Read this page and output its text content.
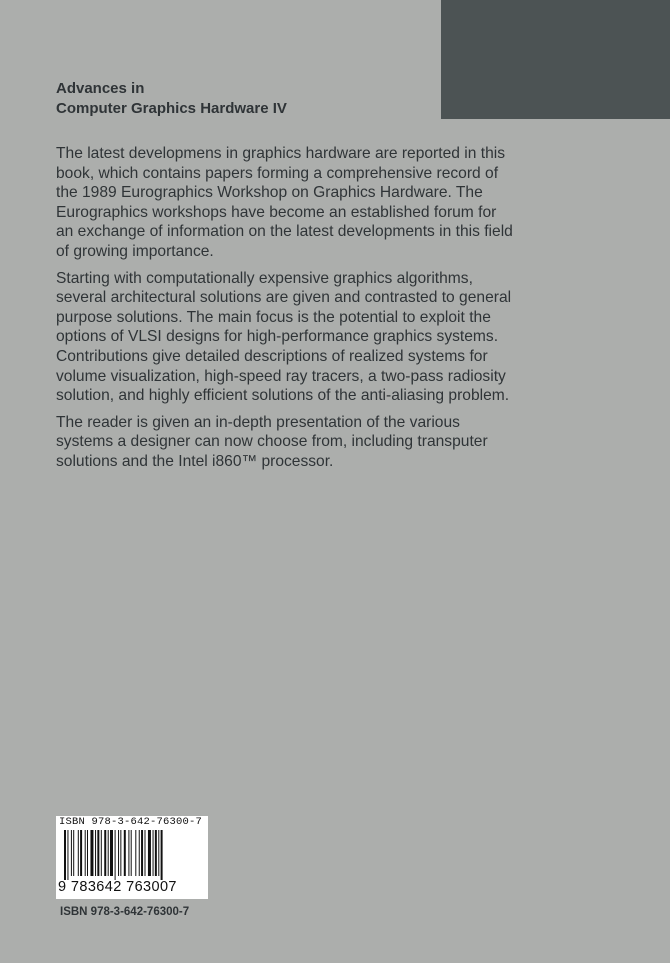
Advances in
Computer Graphics Hardware IV

The latest developmens in graphics hardware are reported in this
book, which contains papers forming a comprehensive record of
the 1989 Eurographics Workshop on Graphics Hardware. The
Eurographics workshops have become an established forum for
an exchange of information on the latest developments in this field
of growing importance.

Starting with computationally expensive graphics algorithms,
several architectural solutions are given and contrasted to general
purpose solutions. The main focus is the potential to exploit the
options of VLSI designs for high-performance graphics systems.
Contributions give detailed descriptions of realized systems for
volume visualization, high-speed ray tracers, a two-pass radiosity
solution, and highly efficient solutions of the anti-aliasing problem.

The reader is given an in-depth presentation of the various
systems a designer can now choose from, including transputer
solutions and the Intel i860™ processor.

ISBN 978-3-642-76300-7
9 783642 763007
ISBN 978-3-642-76300-7
